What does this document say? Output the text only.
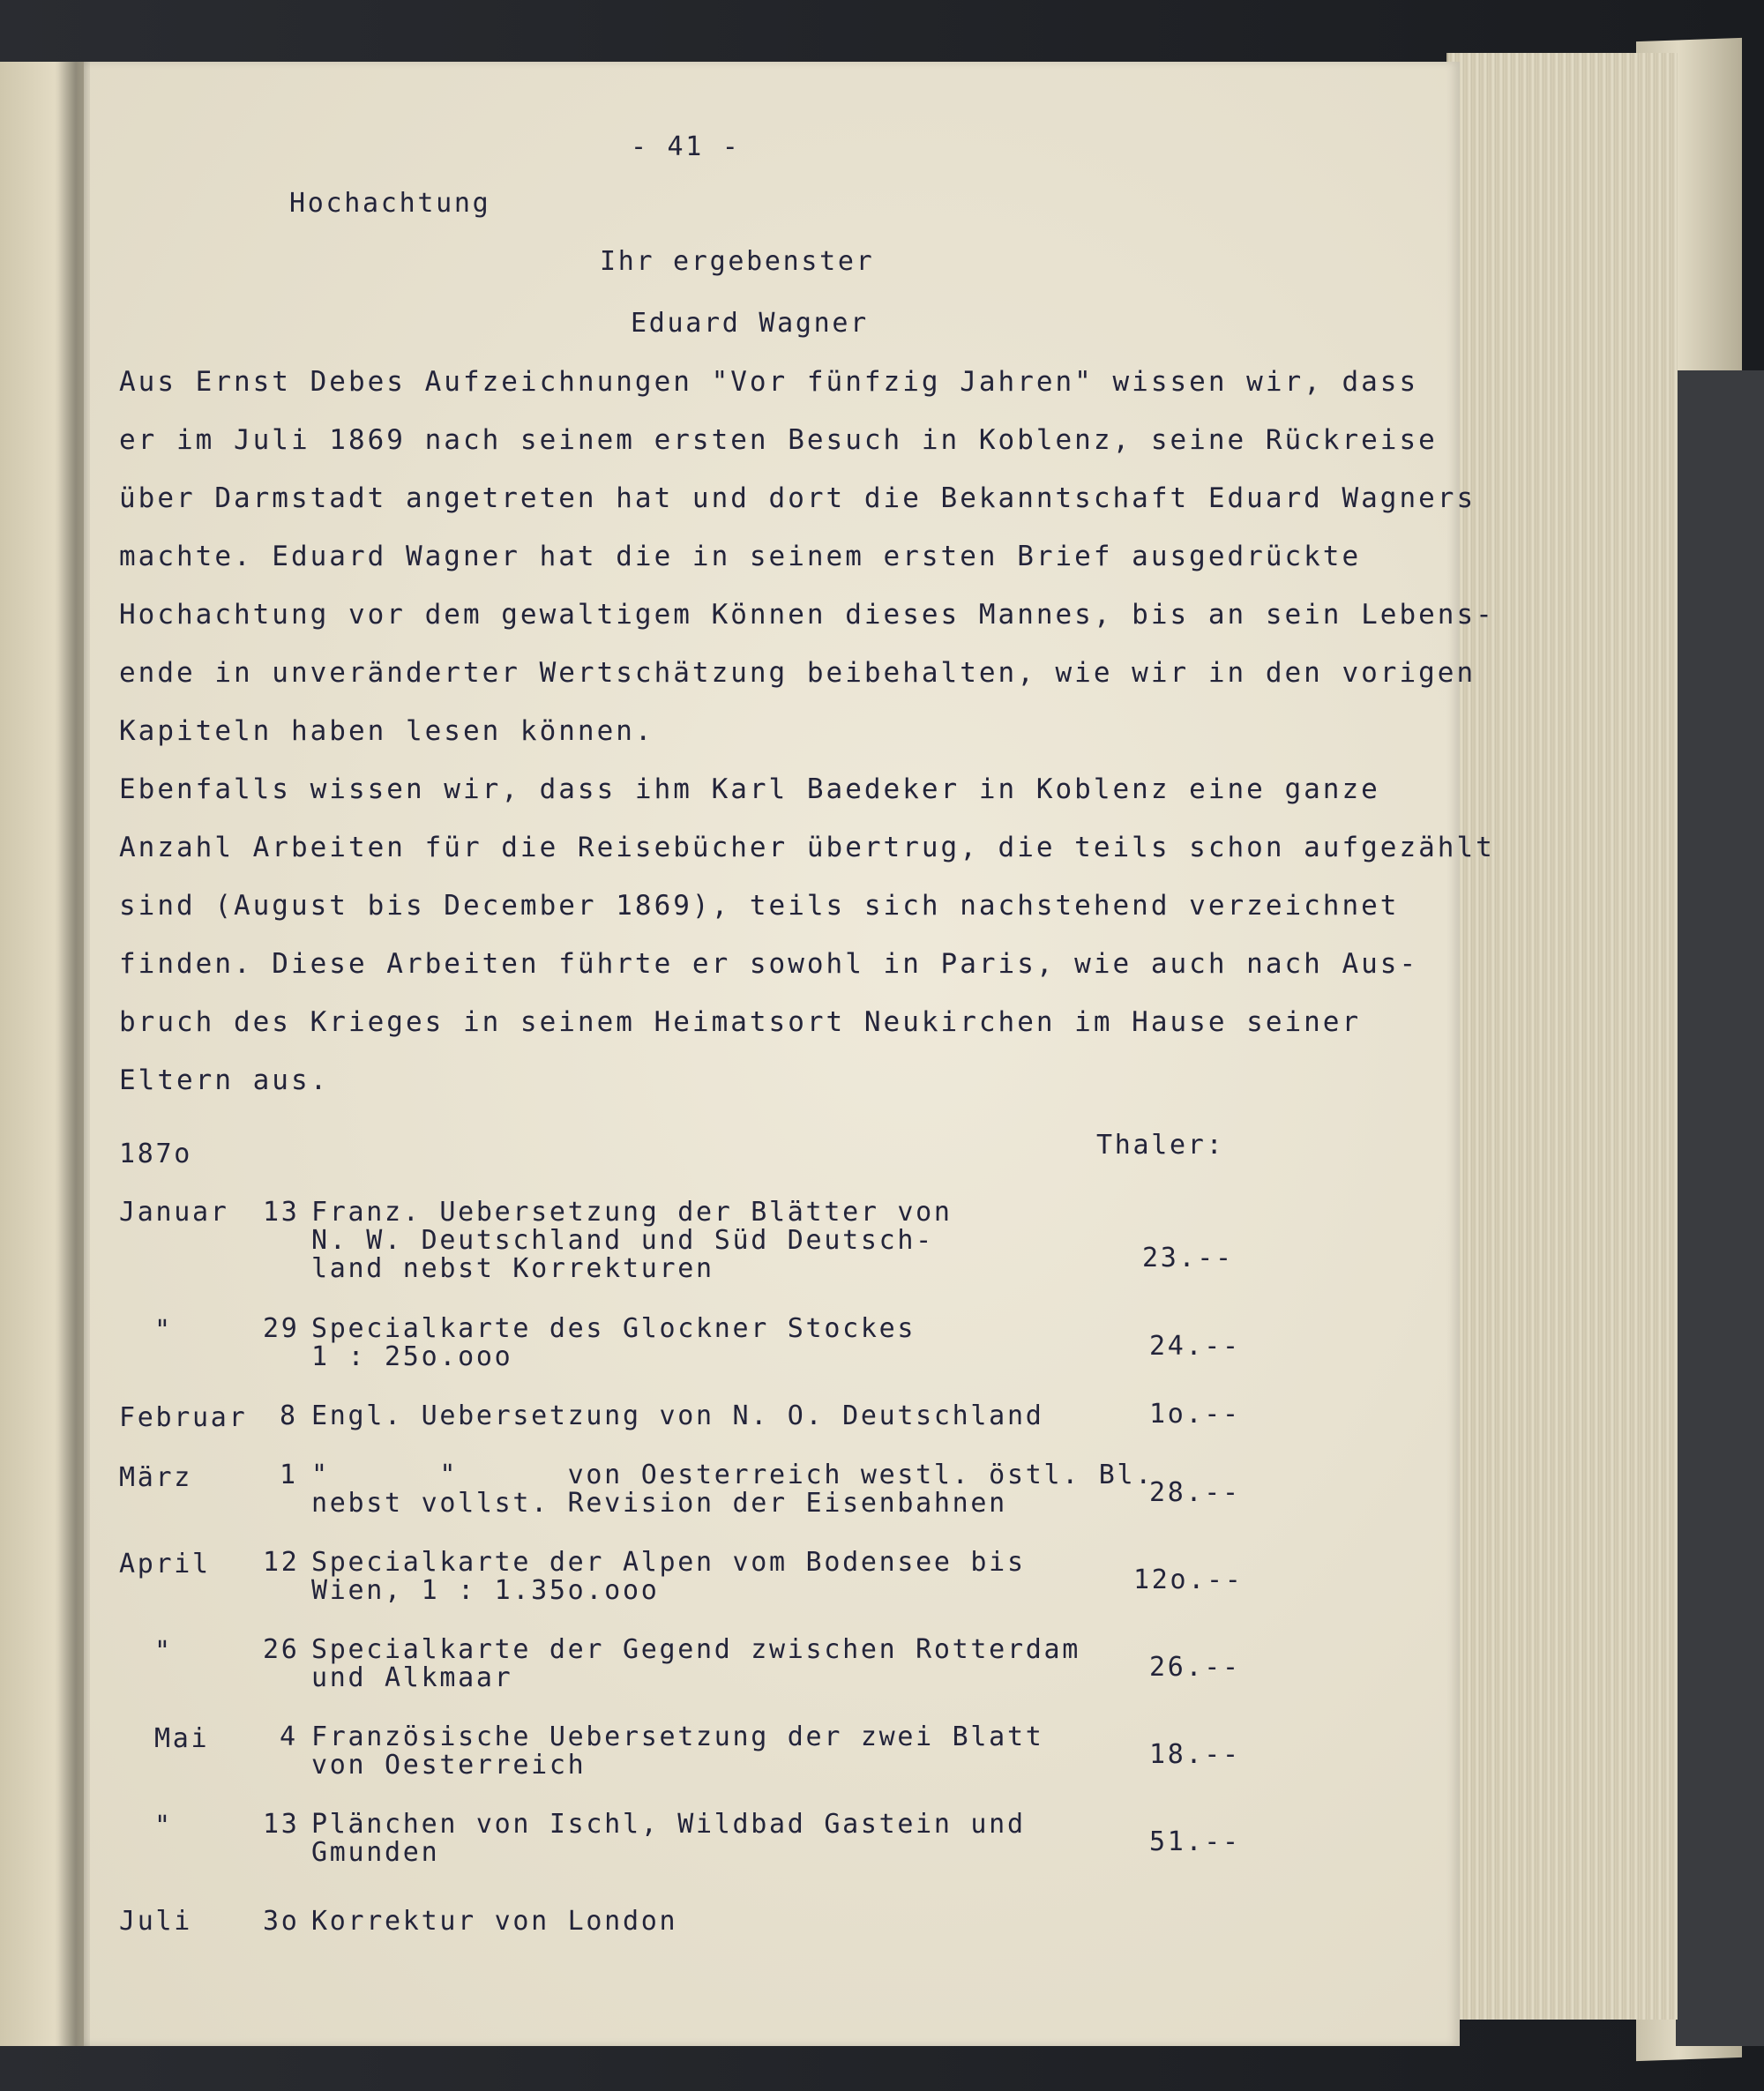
- 41 -
Hochachtung
Ihr ergebenster
Eduard Wagner
Aus Ernst Debes Aufzeichnungen "Vor fünfzig Jahren" wissen wir, dass
er im Juli 1869 nach seinem ersten Besuch in Koblenz, seine Rückreise
über Darmstadt angetreten hat und dort die Bekanntschaft Eduard Wagners
machte. Eduard Wagner hat die in seinem ersten Brief ausgedrückte
Hochachtung vor dem gewaltigem Können dieses Mannes, bis an sein Lebens-
ende in unveränderter Wertschätzung beibehalten, wie wir in den vorigen
Kapiteln haben lesen können.
Ebenfalls wissen wir, dass ihm Karl Baedeker in Koblenz eine ganze
Anzahl Arbeiten für die Reisebücher übertrug, die teils schon aufgezählt
sind (August bis December 1869), teils sich nachstehend verzeichnet
finden. Diese Arbeiten führte er sowohl in Paris, wie auch nach Aus-
bruch des Krieges in seinem Heimatsort Neukirchen im Hause seiner
Eltern aus.
187o	Thaler:
Januar 13 Franz. Uebersetzung der Blätter von
N. W. Deutschland und Süd Deutsch-
land nebst Korrekturen	23.--
"	29 Specialkarte des Glockner Stockes
1 : 25o.ooo	24.--
Februar 8 Engl. Uebersetzung von N. O. Deutschland	1o.--
März	1 "      "      von Oesterreich westl. östl. Bl.
nebst vollst. Revision der Eisenbahnen	28.--
April 12 Specialkarte der Alpen vom Bodensee bis
Wien, 1 : 1.35o.ooo	12o.--
"	26 Specialkarte der Gegend zwischen Rotterdam
und Alkmaar	26.--
Mai	4 Französische Uebersetzung der zwei Blatt
von Oesterreich	18.--
"	13 Plänchen von Ischl, Wildbad Gastein und
Gmunden	51.--
Juli	3o Korrektur von London
